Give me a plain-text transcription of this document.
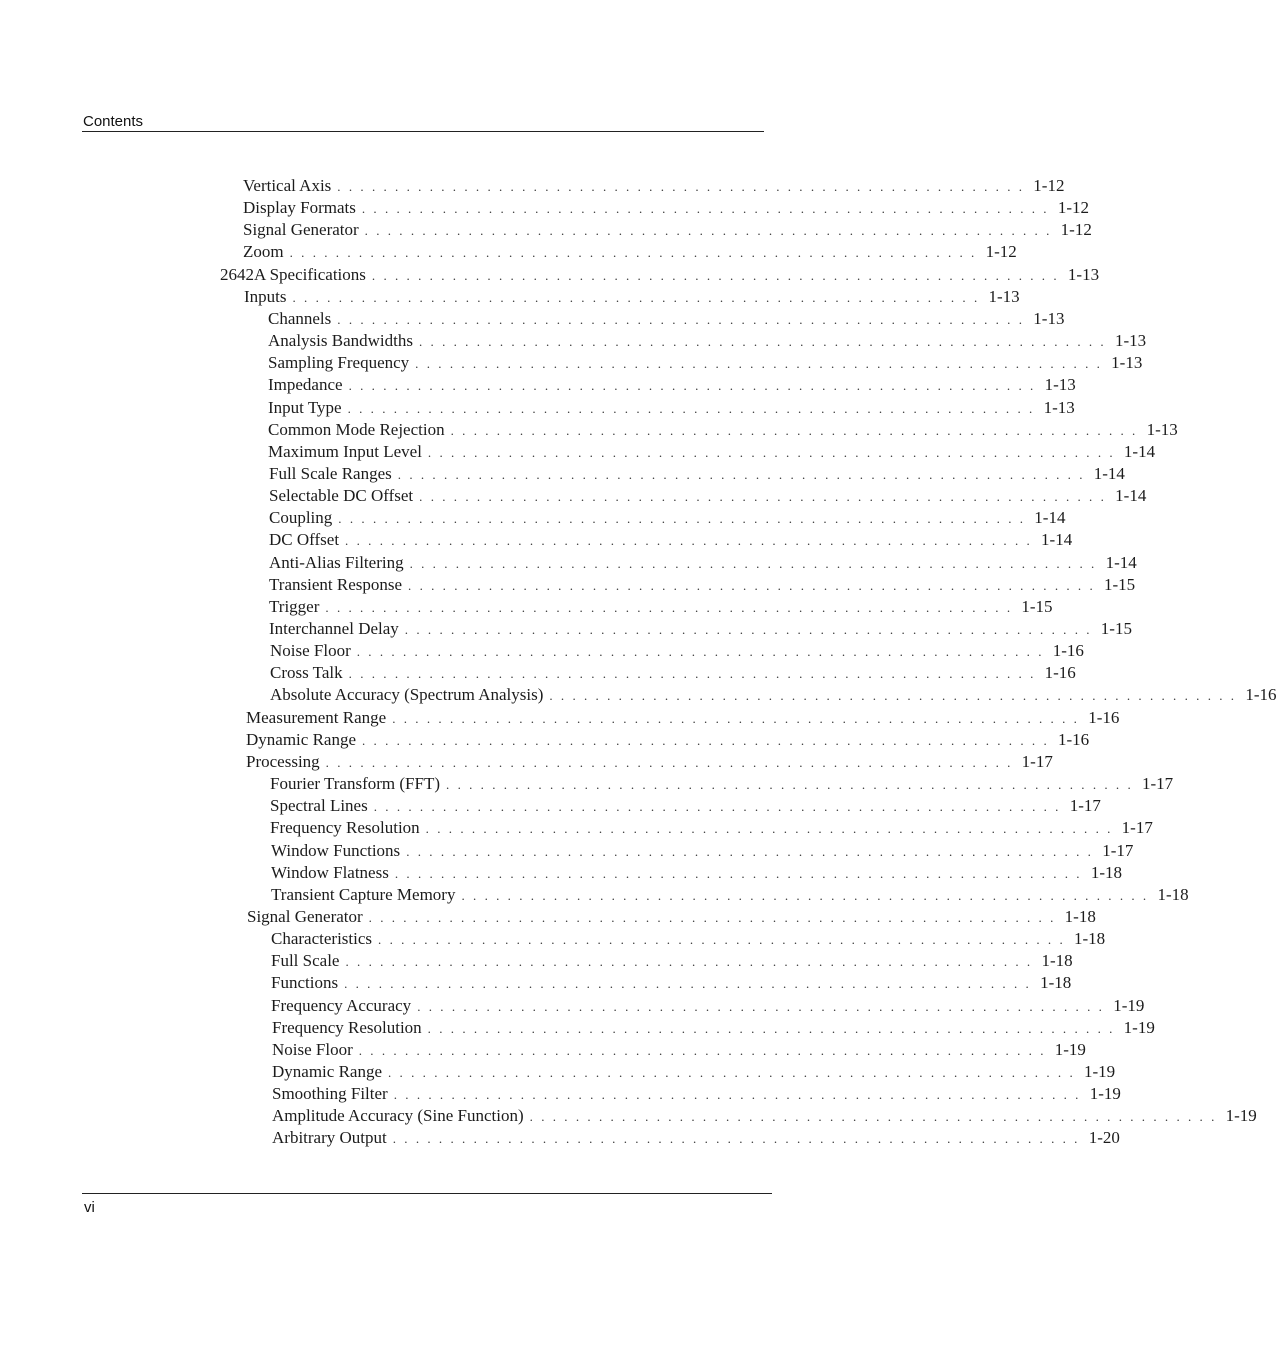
Contents
Vertical Axis ............................................................ 1-12
Display Formats ............................................................ 1-12
Signal Generator ............................................................ 1-12
Zoom ............................................................ 1-12
2642A Specifications ............................................................ 1-13
Inputs ............................................................ 1-13
Channels ............................................................ 1-13
Analysis Bandwidths ............................................................ 1-13
Sampling Frequency ............................................................ 1-13
Impedance ............................................................ 1-13
Input Type ............................................................ 1-13
Common Mode Rejection ............................................................ 1-13
Maximum Input Level ............................................................ 1-14
Full Scale Ranges ............................................................ 1-14
Selectable DC Offset ............................................................ 1-14
Coupling ............................................................ 1-14
DC Offset ............................................................ 1-14
Anti-Alias Filtering ............................................................ 1-14
Transient Response ............................................................ 1-15
Trigger ............................................................ 1-15
Interchannel Delay ............................................................ 1-15
Noise Floor ............................................................ 1-16
Cross Talk ............................................................ 1-16
Absolute Accuracy (Spectrum Analysis) ............................................................ 1-16
Measurement Range ............................................................ 1-16
Dynamic Range ............................................................ 1-16
Processing ............................................................ 1-17
Fourier Transform (FFT) ............................................................ 1-17
Spectral Lines ............................................................ 1-17
Frequency Resolution ............................................................ 1-17
Window Functions ............................................................ 1-17
Window Flatness ............................................................ 1-18
Transient Capture Memory ............................................................ 1-18
Signal Generator ............................................................ 1-18
Characteristics ............................................................ 1-18
Full Scale ............................................................ 1-18
Functions ............................................................ 1-18
Frequency Accuracy ............................................................ 1-19
Frequency Resolution ............................................................ 1-19
Noise Floor ............................................................ 1-19
Dynamic Range ............................................................ 1-19
Smoothing Filter ............................................................ 1-19
Amplitude Accuracy (Sine Function) ............................................................ 1-19
Arbitrary Output ............................................................ 1-20
vi
